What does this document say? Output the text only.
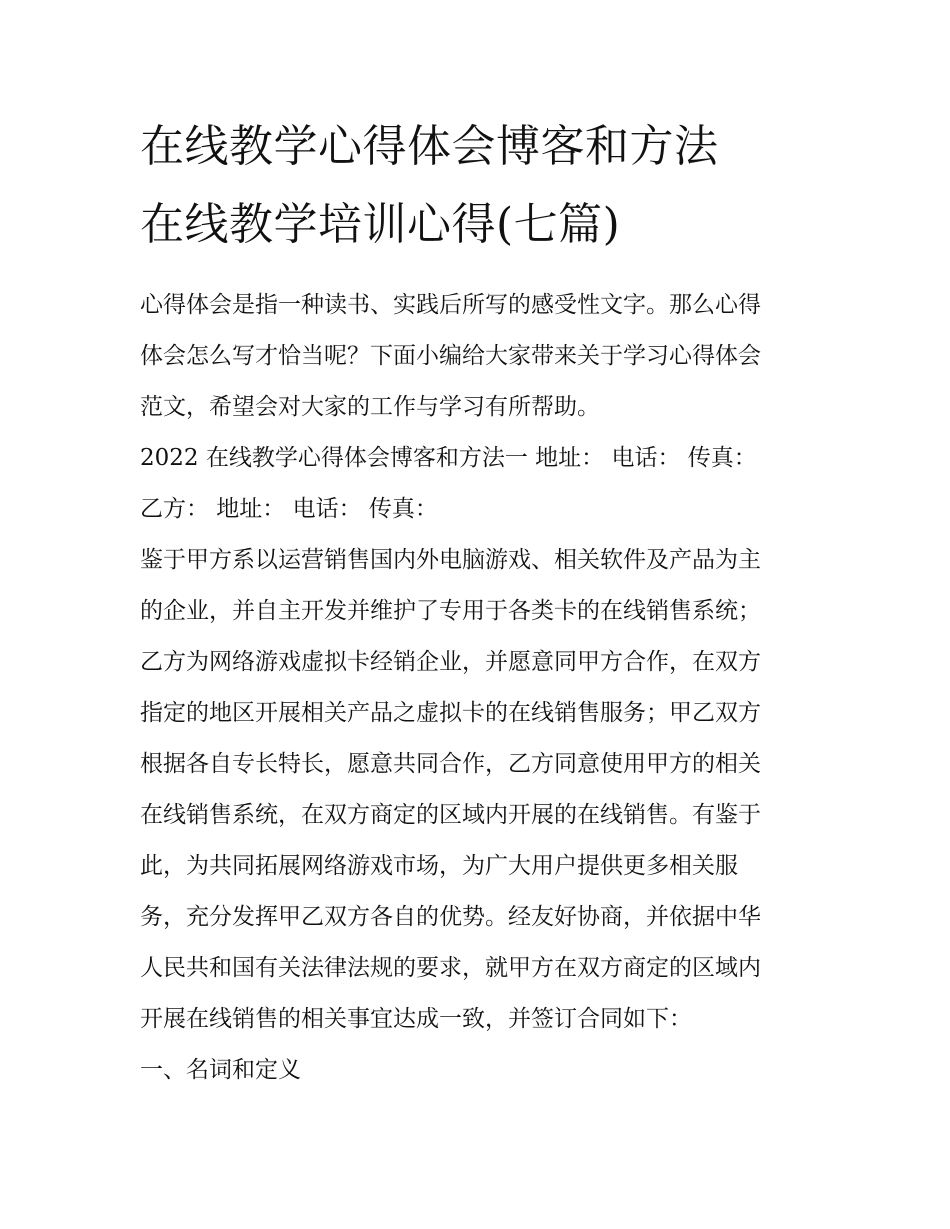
在线教学心得体会博客和方法
在线教学培训心得(七篇)

心得体会是指一种读书、实践后所写的感受性文字。那么心得
体会怎么写才恰当呢？下面小编给大家带来关于学习心得体会
范文，希望会对大家的工作与学习有所帮助。

2022 在线教学心得体会博客和方法一 地址： 电话： 传真：

乙方： 地址： 电话： 传真：

鉴于甲方系以运营销售国内外电脑游戏、相关软件及产品为主
的企业，并自主开发并维护了专用于各类卡的在线销售系统；
乙方为网络游戏虚拟卡经销企业，并愿意同甲方合作，在双方
指定的地区开展相关产品之虚拟卡的在线销售服务；甲乙双方
根据各自专长特长，愿意共同合作，乙方同意使用甲方的相关
在线销售系统，在双方商定的区域内开展的在线销售。有鉴于
此，为共同拓展网络游戏市场，为广大用户提供更多相关服
务，充分发挥甲乙双方各自的优势。经友好协商，并依据中华
人民共和国有关法律法规的要求，就甲方在双方商定的区域内
开展在线销售的相关事宜达成一致，并签订合同如下：

一、名词和定义
